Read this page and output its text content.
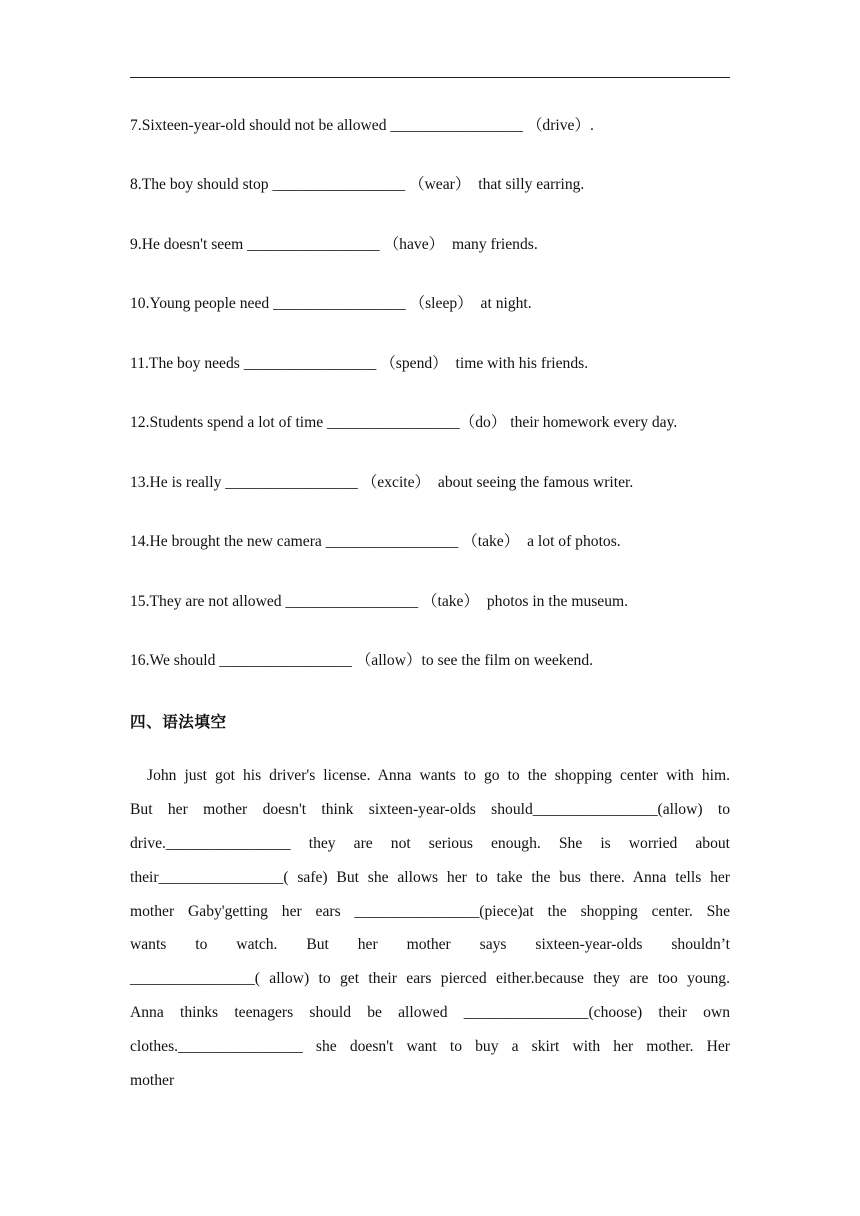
7.Sixteen-year-old should not be allowed _________________ （drive）.
8.The boy should stop _________________ （wear）  that silly earring.
9.He doesn't seem _________________ （have）  many friends.
10.Young people need _________________ （sleep）  at night.
11.The boy needs _________________ （spend）  time with his friends.
12.Students spend a lot of time _________________（do） their homework every day.
13.He is really _________________ （excite）  about seeing the famous writer.
14.He brought the new camera _________________ （take）  a lot of photos.
15.They are not allowed _________________ （take）  photos in the museum.
16.We should _________________ （allow）to see the film on weekend.
四、语法填空
John just got his driver's license. Anna wants to go to the shopping center with him.
But her mother doesn't think sixteen-year-olds should________________(allow) to
drive.________________ they are not serious enough. She is worried about
their________________( safe) But she allows her to take the bus there. Anna tells her
mother Gaby'getting her ears ________________(piece)at the shopping center. She
wants to watch. But her mother says sixteen-year-olds shouldn’t
________________( allow) to get their ears pierced either.because they are too young.
Anna thinks teenagers should be allowed ________________(choose) their own
clothes.________________ she doesn't want to buy a skirt with her mother. Her
mother
